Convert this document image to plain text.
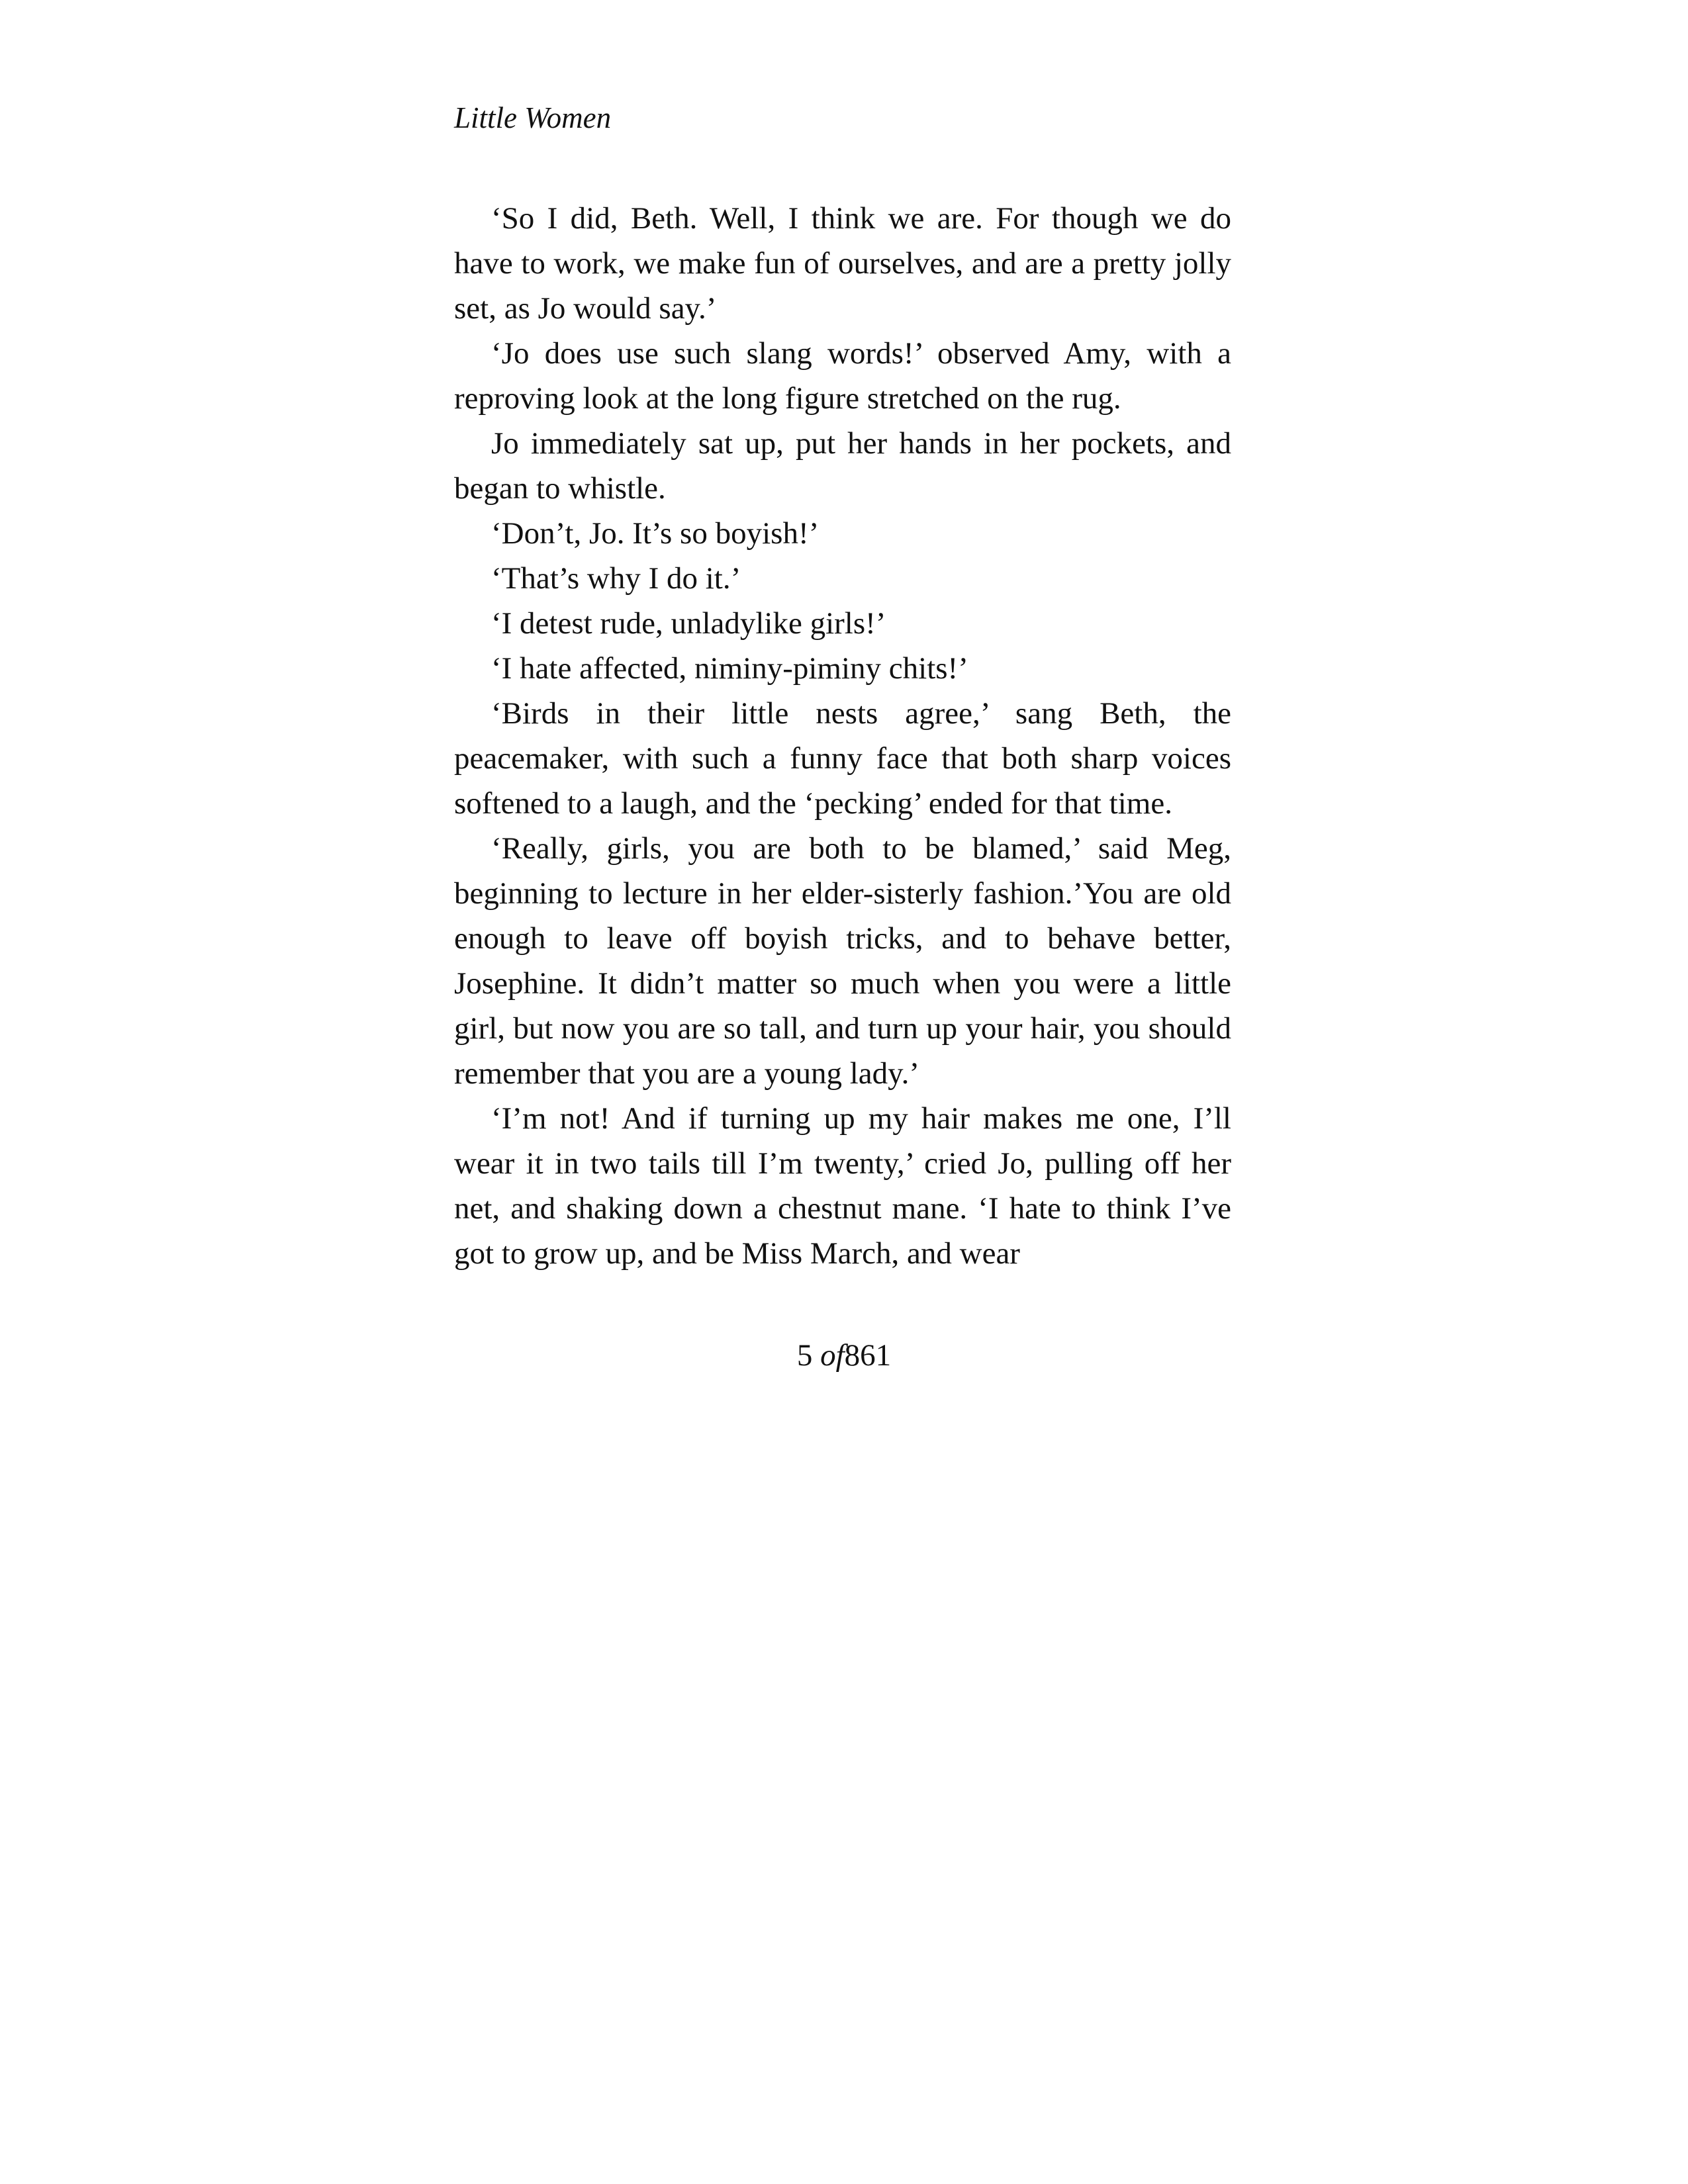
Little Women

‘So I did, Beth. Well, I think we are. For though we do have to work, we make fun of ourselves, and are a pretty jolly set, as Jo would say.’

‘Jo does use such slang words!’ observed Amy, with a reproving look at the long figure stretched on the rug.

Jo immediately sat up, put her hands in her pockets, and began to whistle.

‘Don’t, Jo. It’s so boyish!’

‘That’s why I do it.’

‘I detest rude, unladylike girls!’

‘I hate affected, niminy-piminy chits!’

‘Birds in their little nests agree,’ sang Beth, the peacemaker, with such a funny face that both sharp voices softened to a laugh, and the ‘pecking’ ended for that time.

‘Really, girls, you are both to be blamed,’ said Meg, beginning to lecture in her elder-sisterly fashion.’You are old enough to leave off boyish tricks, and to behave better, Josephine. It didn’t matter so much when you were a little girl, but now you are so tall, and turn up your hair, you should remember that you are a young lady.’

‘I’m not! And if turning up my hair makes me one, I’ll wear it in two tails till I’m twenty,’ cried Jo, pulling off her net, and shaking down a chestnut mane. ‘I hate to think I’ve got to grow up, and be Miss March, and wear

5 of861
